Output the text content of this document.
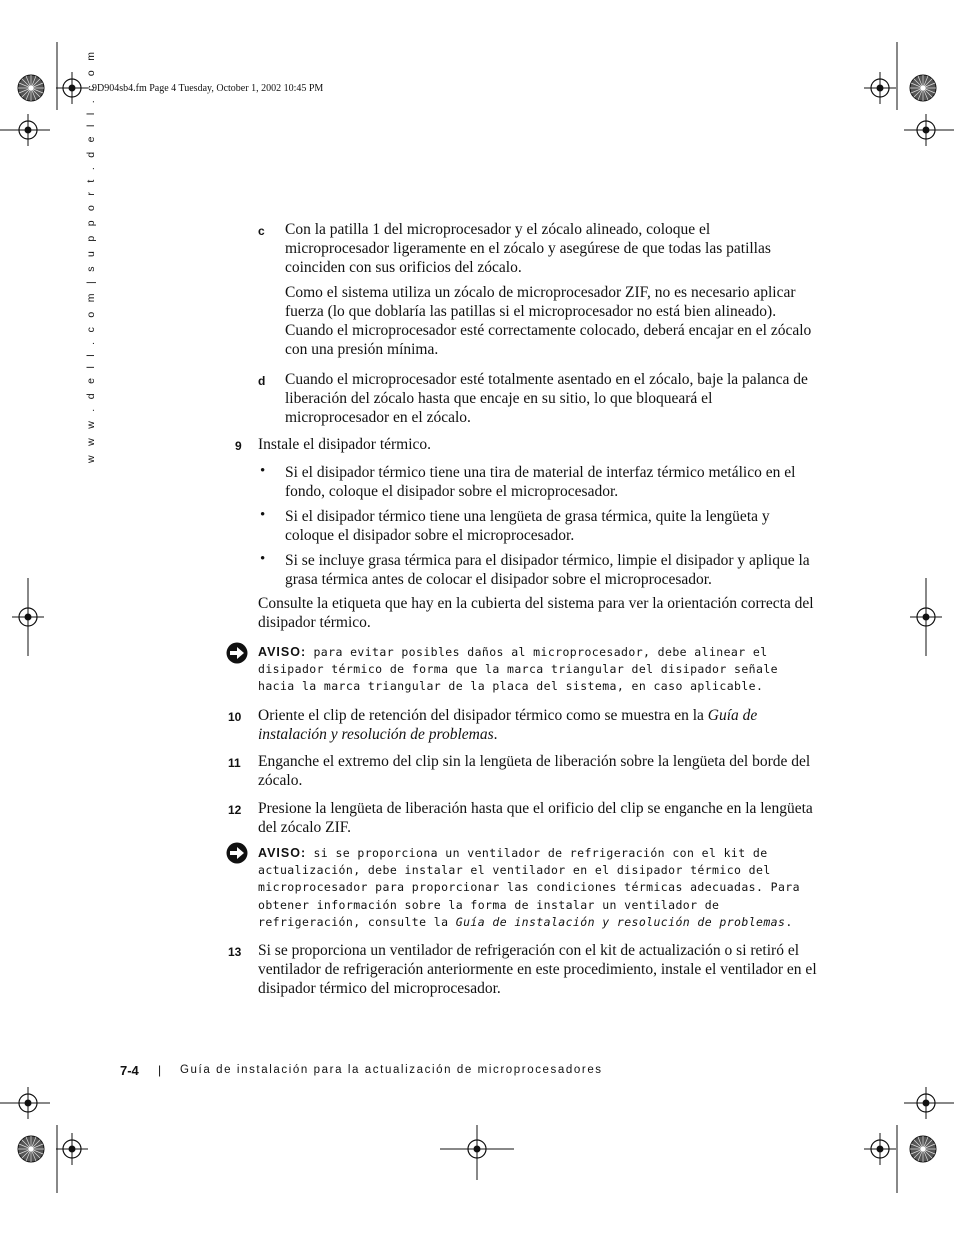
9D904sb4.fm Page 4 Tuesday, October 1, 2002 10:45 PM
w w w . d e l l . c o m | s u p p o r t . d e l l . c o m	c Con la patilla 1 del microprocesador y el zócalo alineado, coloque el microprocesador ligeramente en el zócalo y asegúrese de que todas las patillas coinciden con sus orificios del zócalo.
Como el sistema utiliza un zócalo de microprocesador ZIF, no es necesario aplicar fuerza (lo que doblaría las patillas si el microprocesador no está bien alineado). Cuando el microprocesador esté correctamente colocado, deberá encajar en el zócalo con una presión mínima.
d Cuando el microprocesador esté totalmente asentado en el zócalo, baje la palanca de liberación del zócalo hasta que encaje en su sitio, lo que bloqueará el microprocesador en el zócalo.
9 Instale el disipador térmico.
• Si el disipador térmico tiene una tira de material de interfaz térmico metálico en el fondo, coloque el disipador sobre el microprocesador.
• Si el disipador térmico tiene una lengüeta de grasa térmica, quite la lengüeta y coloque el disipador sobre el microprocesador.
• Si se incluye grasa térmica para el disipador térmico, limpie el disipador y aplique la grasa térmica antes de colocar el disipador sobre el microprocesador.
Consulte la etiqueta que hay en la cubierta del sistema para ver la orientación correcta del disipador térmico.
AVISO: para evitar posibles daños al microprocesador, debe alinear el disipador térmico de forma que la marca triangular del disipador señale hacia la marca triangular de la placa del sistema, en caso aplicable.
10 Oriente el clip de retención del disipador térmico como se muestra en la Guía de instalación y resolución de problemas.
11 Enganche el extremo del clip sin la lengüeta de liberación sobre la lengüeta del borde del zócalo.
12 Presione la lengüeta de liberación hasta que el orificio del clip se enganche en la lengüeta del zócalo ZIF.
AVISO: si se proporciona un ventilador de refrigeración con el kit de actualización, debe instalar el ventilador en el disipador térmico del microprocesador para proporcionar las condiciones térmicas adecuadas. Para obtener información sobre la forma de instalar un ventilador de refrigeración, consulte la Guía de instalación y resolución de problemas.
13 Si se proporciona un ventilador de refrigeración con el kit de actualización o si retiró el ventilador de refrigeración anteriormente en este procedimiento, instale el ventilador en el disipador térmico del microprocesador.
7-4 | Guía de instalación para la actualización de microprocesadores
